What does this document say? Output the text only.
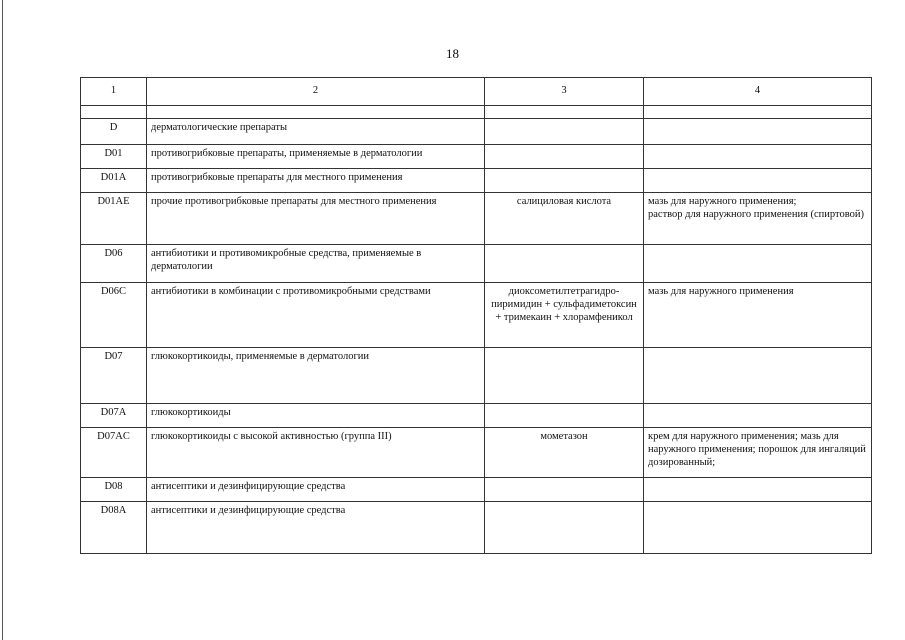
18
1	2	3	4

D	дерматологические препараты		
D01	противогрибковые препараты, применяемые в дерматологии		
D01A	противогрибковые препараты для местного применения		
D01AE	прочие противогрибковые препараты для местного применения	салициловая кислота	мазь для наружного применения;
раствор для наружного применения (спиртовой)
D06	антибиотики и противомикробные средства, применяемые в дерматологии		
D06C	антибиотики в комбинации с противомикробными средствами	диоксометилтетрагидро-пиримидин + сульфадиметоксин + тримекаин + хлорамфеникол	мазь для наружного применения
D07	глюкокортикоиды, применяемые в дерматологии		
D07A	глюкокортикоиды		
D07AC	глюкокортикоиды с высокой активностью (группа III)	мометазон	крем для наружного применения; мазь для наружного применения; порошок для ингаляций дозированный;
D08	антисептики и дезинфицирующие средства		
D08A	антисептики и дезинфицирующие средства		
